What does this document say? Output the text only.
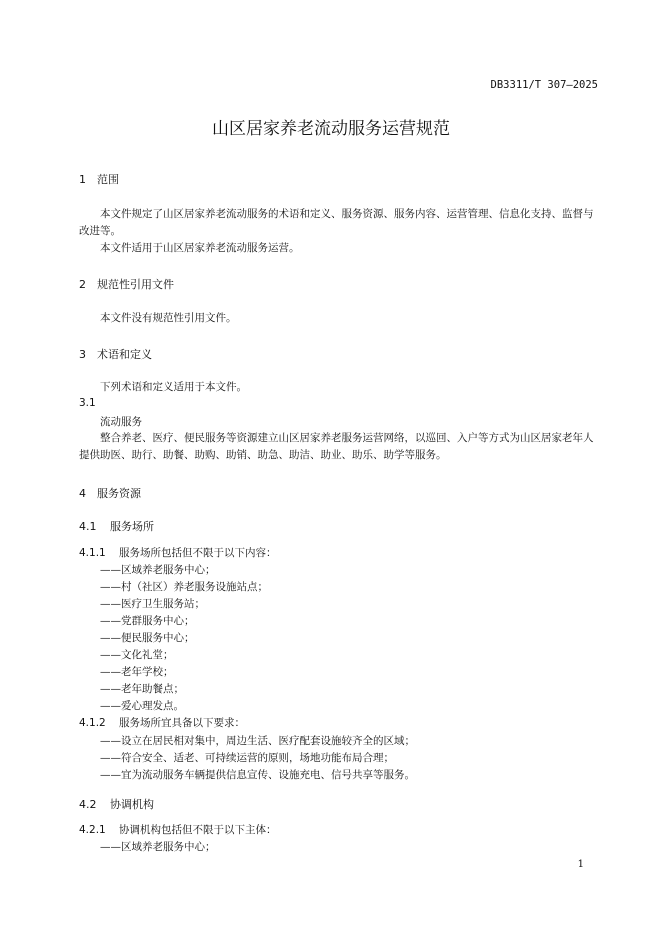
DB3311/T 307—2025
山区居家养老流动服务运营规范
1 范围
本文件规定了山区居家养老流动服务的术语和定义、服务资源、服务内容、运营管理、信息化支持、监督与改进等。
本文件适用于山区居家养老流动服务运营。
2 规范性引用文件
本文件没有规范性引用文件。
3 术语和定义
下列术语和定义适用于本文件。
3.1
流动服务
整合养老、医疗、便民服务等资源建立山区居家养老服务运营网络，以巡回、入户等方式为山区居家老年人提供助医、助行、助餐、助购、助销、助急、助洁、助业、助乐、助学等服务。
4 服务资源
4.1 服务场所
4.1.1 服务场所包括但不限于以下内容：
——区域养老服务中心；
——村（社区）养老服务设施站点；
——医疗卫生服务站；
——党群服务中心；
——便民服务中心；
——文化礼堂；
——老年学校；
——老年助餐点；
——爱心理发点。
4.1.2 服务场所宜具备以下要求：
——设立在居民相对集中，周边生活、医疗配套设施较齐全的区域；
——符合安全、适老、可持续运营的原则，场地功能布局合理；
——宜为流动服务车辆提供信息宣传、设施充电、信号共享等服务。
4.2 协调机构
4.2.1 协调机构包括但不限于以下主体：
——区域养老服务中心；
1
